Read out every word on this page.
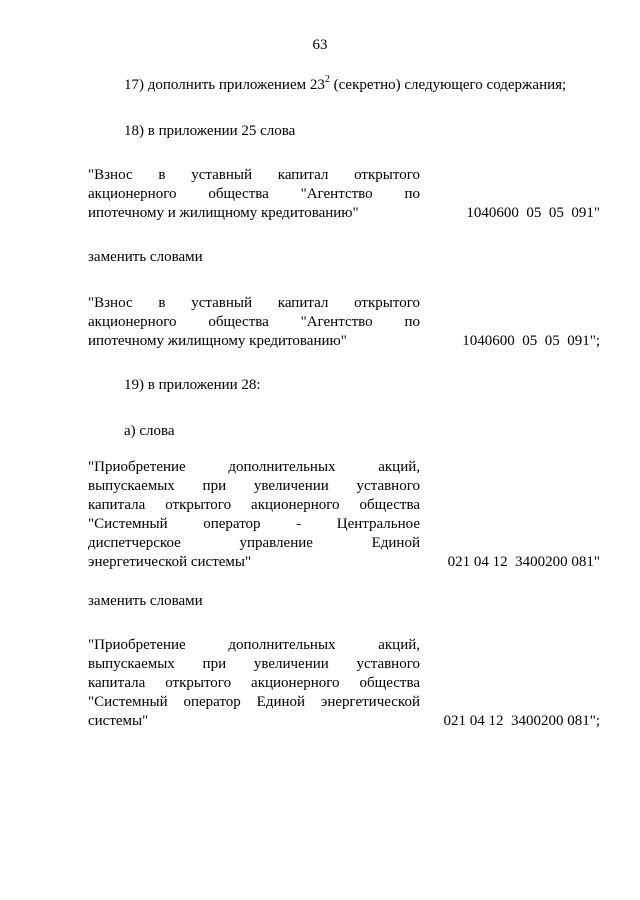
63
17) дополнить приложением $23^2$ (секретно) следующего содержания;
18) в приложении 25 слова
"Взнос в уставный капитал открытого
акционерного общества "Агентство по
ипотечному и жилищному кредитованию"	1040600  05  05  091"
заменить словами
"Взнос в уставный капитал открытого
акционерного общества "Агентство по
ипотечному жилищному кредитованию"	1040600  05  05  091";
19) в приложении 28:
а) слова
"Приобретение дополнительных акций,
выпускаемых при увеличении уставного
капитала открытого акционерного общества
"Системный оператор - Центральное
диспетчерское управление Единой
энергетической системы"	021 04 12  3400200 081"
заменить словами
"Приобретение дополнительных акций,
выпускаемых при увеличении уставного
капитала открытого акционерного общества
"Системный оператор Единой энергетической
системы"	021 04 12  3400200 081";
